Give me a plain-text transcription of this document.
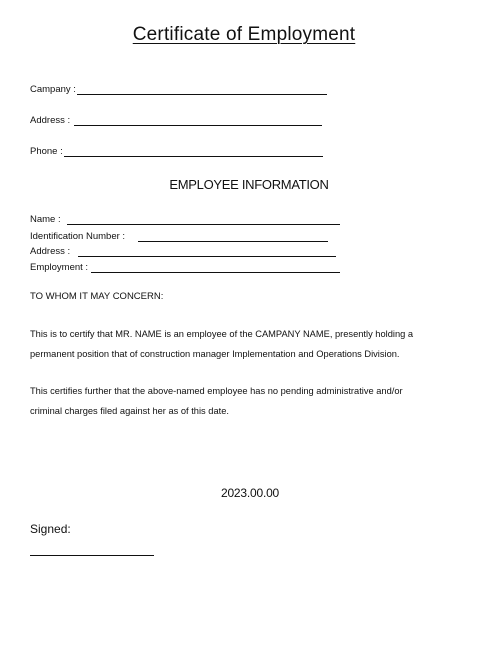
Certificate of Employment
Campany :
Address :
Phone :
EMPLOYEE INFORMATION
Name :
Identification Number :
Address :
Employment :
TO WHOM IT MAY CONCERN:
This is to certify that MR. NAME is an employee of the CAMPANY NAME, presently holding a
permanent position that of construction manager Implementation and Operations Division.
This certifies further that the above-named employee has no pending administrative and/or
criminal charges filed against her as of this date.
2023.00.00
Signed:
